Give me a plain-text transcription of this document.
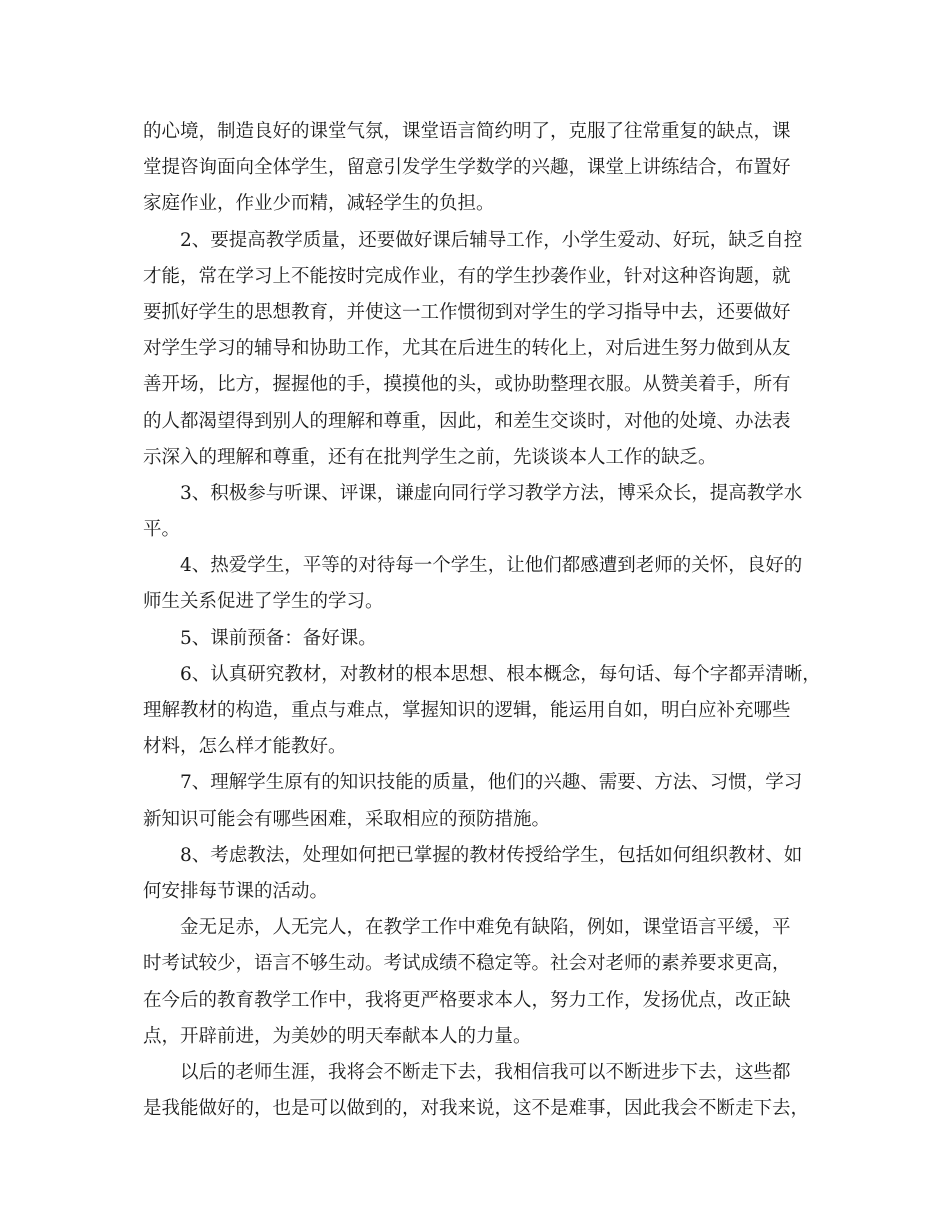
的心境，制造良好的课堂气氛，课堂语言简约明了，克服了往常重复的缺点，课
堂提咨询面向全体学生，留意引发学生学数学的兴趣，课堂上讲练结合，布置好
家庭作业，作业少而精，减轻学生的负担。
2、要提高教学质量，还要做好课后辅导工作，小学生爱动、好玩，缺乏自控
才能，常在学习上不能按时完成作业，有的学生抄袭作业，针对这种咨询题，就
要抓好学生的思想教育，并使这一工作惯彻到对学生的学习指导中去，还要做好
对学生学习的辅导和协助工作，尤其在后进生的转化上，对后进生努力做到从友
善开场，比方，握握他的手，摸摸他的头，或协助整理衣服。从赞美着手，所有
的人都渴望得到别人的理解和尊重，因此，和差生交谈时，对他的处境、办法表
示深入的理解和尊重，还有在批判学生之前，先谈谈本人工作的缺乏。
3、积极参与听课、评课，谦虚向同行学习教学方法，博采众长，提高教学水
平。
4、热爱学生，平等的对待每一个学生，让他们都感遭到老师的关怀，良好的
师生关系促进了学生的学习。
5、课前预备：备好课。
6、认真研究教材，对教材的根本思想、根本概念，每句话、每个字都弄清晰，
理解教材的构造，重点与难点，掌握知识的逻辑，能运用自如，明白应补充哪些
材料，怎么样才能教好。
7、理解学生原有的知识技能的质量，他们的兴趣、需要、方法、习惯，学习
新知识可能会有哪些困难，采取相应的预防措施。
8、考虑教法，处理如何把已掌握的教材传授给学生，包括如何组织教材、如
何安排每节课的活动。
金无足赤，人无完人，在教学工作中难免有缺陷，例如，课堂语言平缓，平
时考试较少，语言不够生动。考试成绩不稳定等。社会对老师的素养要求更高，
在今后的教育教学工作中，我将更严格要求本人，努力工作，发扬优点，改正缺
点，开辟前进，为美妙的明天奉献本人的力量。
以后的老师生涯，我将会不断走下去，我相信我可以不断进步下去，这些都
是我能做好的，也是可以做到的，对我来说，这不是难事，因此我会不断走下去，
